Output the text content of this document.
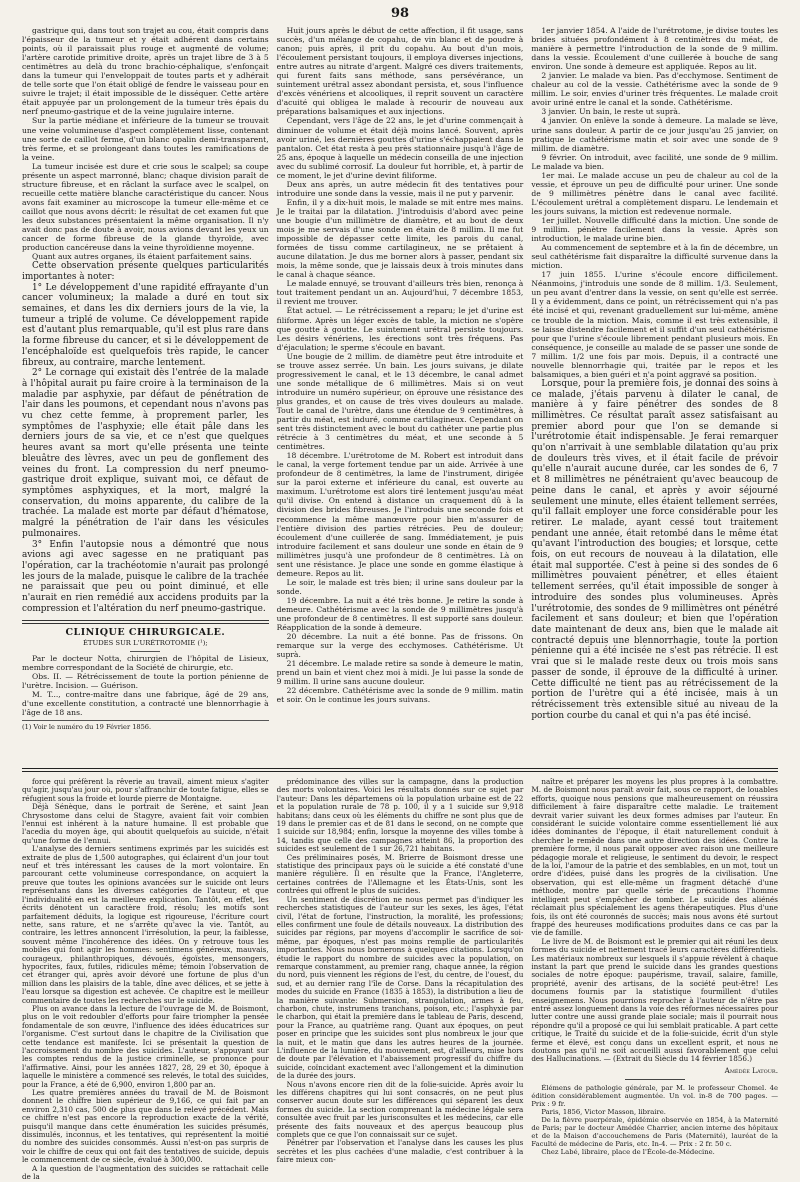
98

gastrique qui, dans tout son trajet au cou, était compris dans l'épaisseur de la tumeur et y était adhérent dans certains points, où il paraissait plus rouge et augmenté de volume; l'artère carotide primitive droite, après un trajet libre de 3 à 5 centimètres au delà du tronc brachio-céphalique, s'enfonçait dans la tumeur qui l'enveloppait de toutes parts et y adhérait de telle sorte que l'on était obligé de fendre le vaisseau pour en suivre le trajet; il était impossible de le disséquer. Cette artère était appuyée par un prolongement de la tumeur très épais du nerf pneumo-gastrique et de la veine jugulaire interne.

Sur la partie médiane et inférieure de la tumeur se trouvait une veine volumineuse d'aspect complètement lisse, contenant une sorte de caillot ferme, d'un blanc opalin demi-transparent, très ferme, et se prolongeant dans toutes les ramifications de la veine.

La tumeur incisée est dure et crie sous le scalpel; sa coupe présente un aspect marronné, blanc; chaque division paraît de structure fibreuse, et en râclant la surface avec le scalpel, on recueille cette matière blanche caractéristique du cancer. Nous avons fait examiner au microscope la tumeur elle-même et ce caillot que nous avons décrit: le résultat de cet examen fut que les deux substances présentaient la même organisation. Il n'y avait donc pas de doute à avoir, nous avions devant les yeux un cancer de forme fibreuse de la glande thyroïde, avec production cancéreuse dans la veine thyroïdienne moyenne.

Quant aux autres organes, ils étaient parfaitement sains.

Cette observation présente quelques particularités importantes à noter:

1° Le développement d'une rapidité effrayante d'un cancer volumineux; la malade a duré en tout six semaines, et dans les dix derniers jours de la vie, la tumeur a triplé de volume. Ce développement rapide est d'autant plus remarquable, qu'il est plus rare dans la forme fibreuse du cancer, et si le développement de l'encéphaloïde est quelquefois très rapide, le cancer fibreux, au contraire, marche lentement.

2° Le cornage qui existait dès l'entrée de la malade à l'hôpital aurait pu faire croire à la terminaison de la maladie par asphyxie, par défaut de pénétration de l'air dans les poumons, et cependant nous n'avons pas vu chez cette femme, à proprement parler, les symptômes de l'asphyxie; elle était pâle dans les derniers jours de sa vie, et ce n'est que quelques heures avant sa mort qu'elle présenta une teinte bleuâtre des lèvres, avec un peu de gonflement des veines du front. La compression du nerf pneumo-gastrique droit explique, suivant moi, ce défaut de symptômes asphyxiques, et la mort, malgré la conservation, du moins apparente, du calibre de la trachée. La malade est morte par défaut d'hématose, malgré la pénétration de l'air dans les vésicules pulmonaires.

3° Enfin l'autopsie nous a démontré que nous avions agi avec sagesse en ne pratiquant pas l'opération, car la trachéotomie n'aurait pas prolongé les jours de la malade, puisque le calibre de la trachée ne paraissait que peu ou point diminué, et elle n'aurait en rien remédié aux accidens produits par la compression et l'altération du nerf pneumo-gastrique.

CLINIQUE CHIRURGICALE.
ÉTUDES SUR L'URÉTROTOMIE (¹);

Par le docteur Notta, chirurgien de l'hôpital de Lisieux, membre correspondant de la Société de chirurgie, etc.

Obs. II. — Rétrécissement de toute la portion pénienne de l'urètre. Incision. — Guérison.

M. T..., contre-maître dans une fabrique, âgé de 29 ans, d'une excellente constitution, a contracté une blennorrhagie à l'âge de 18 ans.

(1) Voir le numéro du 19 Février 1856.

Huit jours après le début de cette affection, il fit usage, sans succès, d'un mélange de copahu, de vin blanc et de poudre à canon; puis après, il prit du copahu. Au bout d'un mois, l'écoulement persistant toujours, il employa diverses injections, entre autres au nitrate d'argent. Malgré ces divers traitements, qui furent faits sans méthode, sans persévérance, un suintement urétral assez abondant persista, et, sous l'influence d'excès vénériens et alcooliques, il reprit souvent un caractère d'acuité qui obligea le malade à recourir de nouveau aux préparations balsamiques et aux injections.

Cependant, vers l'âge de 22 ans, le jet d'urine commençait à diminuer de volume et était déjà moins lancé. Souvent, après avoir uriné, les dernières gouttes d'urine s'échappaient dans le pantalon. Cet état resta à peu près stationnaire jusqu'à l'âge de 25 ans, époque à laquelle un médecin conseilla de une injection avec du sublimé corrosif. La douleur fut horrible, et, à partir de ce moment, le jet d'urine devint filiforme.

Deux ans après, un autre médecin fit des tentatives pour introduire une sonde dans la vessie, mais il ne put y parvenir.

Enfin, il y a dix-huit mois, le malade se mit entre mes mains. Je le traitai par la dilatation. J'introduisis d'abord avec peine une bougie d'un millimètre de diamètre, et au bout de deux mois je me servais d'une sonde en étain de 8 millim. Il me fut impossible de dépasser cette limite, les parois du canal, formées de tissu comme cartilagineux, ne se prêtaient à aucune dilatation. Je dus me borner alors à passer, pendant six mois, la même sonde, que je laissais deux à trois minutes dans le canal à chaque séance.

Le malade ennuyé, se trouvant d'ailleurs très bien, renonça à tout traitement pendant un an. Aujourd'hui, 7 décembre 1853, il revient me trouver.

État actuel. — Le rétrécissement a reparu; le jet d'urine est filiforme. Après un léger excès de table, la miction ne s'opère que goutte à goutte. Le suintement urétral persiste toujours. Les désirs vénériens, les érections sont très fréquens. Pas d'éjaculation; le sperme s'écoule en bavant.

Une bougie de 2 millim. de diamètre peut être introduite et se trouve assez serrée. Un bain. Les jours suivans, je dilate progressivement le canal, et le 13 décembre, le canal admet une sonde métallique de 6 millimètres. Mais si on veut introduire un numéro supérieur, on éprouve une résistance des plus grandes, et on cause de très vives douleurs au malade. Tout le canal de l'urètre, dans une étendue de 9 centimètres, à partir du méat, est induré, comme cartilagineux. Cependant on sent très distinctement avec le bout du cathéter une partie plus rétrécie à 3 centimètres du méat, et une seconde à 5 centimètres.

18 décembre. L'urétrotome de M. Robert est introduit dans le canal, la verge fortement tendue par un aide. Arrivée à une profondeur de 8 centimètres, la lame de l'instrument, dirigée sur la paroi externe et inférieure du canal, est ouverte au maximum. L'urétrotome est alors tiré lentement jusqu'au méat qu'il divise. On entend à distance un craquement dû à la division des brides fibreuses. Je l'introduis une seconde fois et recommence la même manœuvre pour bien m'assurer de l'entière division des parties rétrécies. Peu de douleur; écoulement d'une cuillerée de sang. Immédiatement, je puis introduire facilement et sans douleur une sonde en étain de 9 millimètres jusqu'à une profondeur de 8 centimètres. Là on sent une résistance. Je place une sonde en gomme élastique à demeure. Repos au lit.

Le soir, le malade est très bien; il urine sans douleur par la sonde.

19 décembre. La nuit a été très bonne. Je retire la sonde à demeure. Cathétérisme avec la sonde de 9 millimètres jusqu'à une profondeur de 8 centimètres. Il est supporté sans douleur. Réapplication de la sonde à demeure.

20 décembre. La nuit a été bonne. Pas de frissons. On remarque sur la verge des ecchymoses. Cathétérisme. Ut suprà.

21 décembre. Le malade retire sa sonde à demeure le matin, prend un bain et vient chez moi à midi. Je lui passe la sonde de 9 millim. Il urine sans aucune douleur.

22 décembre. Cathétérisme avec la sonde de 9 millim. matin et soir. On le continue les jours suivans.

1er janvier 1854. A l'aide de l'urétrotome, je divise toutes les brides situées profondément à 8 centimètres du méat, de manière à permettre l'introduction de la sonde de 9 millim. dans la vessie. Écoulement d'une cuillerée à bouche de sang environ. Une sonde à demeure est appliquée. Repos au lit.

2 janvier. Le malade va bien. Pas d'ecchymose. Sentiment de chaleur au col de la vessie. Cathétérisme avec la sonde de 9 millim. Le soir, envies d'uriner très fréquentes. Le malade croit avoir uriné entre le canal et la sonde. Cathétérisme.

3 janvier. Un bain, le reste ut suprà.

4 janvier. On enlève la sonde à demeure. La malade se lève, urine sans douleur. A partir de ce jour jusqu'au 25 janvier, on pratique le cathétérisme matin et soir avec une sonde de 9 millim. de diamètre.

9 février. On introduit, avec facilité, une sonde de 9 millim. Le malade va bien.

1er mai. Le malade accuse un peu de chaleur au col de la vessie, et éprouve un peu de difficulté pour uriner. Une sonde de 9 millimètres pénètre dans le canal avec facilité. L'écoulement urétral a complètement disparu. Le lendemain et les jours suivans, la miction est redevenue normale.

1er juillet. Nouvelle difficulté dans la miction. Une sonde de 9 millim. pénètre facilement dans la vessie. Après son introduction, le malade urine bien.

Au commencement de septembre et à la fin de décembre, un seul cathétérisme fait disparaître la difficulté survenue dans la miction.

17 juin 1855. L'urine s'écoule encore difficilement. Néanmoins, j'introduis une sonde de 8 millim. 1/3. Seulement, un peu avant d'entrer dans la vessie, on sent qu'elle est serrée. Il y a évidemment, dans ce point, un rétrécissement qui n'a pas été incisé et qui, revenant graduellement sur lui-même, amène ce trouble de la miction. Mais, comme il est très extensible, il se laisse distendre facilement et il suffit d'un seul cathétérisme pour que l'urine s'écoule librement pendant plusieurs mois. En conséquence, je conseille au malade de se passer une sonde de 7 millim. 1/2 une fois par mois. Depuis, il a contracté une nouvelle blennorrhagie qui, traitée par le repos et les balsamiques, a bien guéri et n'a point aggravé sa position.

Lorsque, pour la première fois, je donnai des soins à ce malade, j'étais parvenu à dilater le canal, de manière à y faire pénétrer des sondes de 8 millimètres. Ce résultat paraît assez satisfaisant au premier abord pour que l'on se demande si l'urétrotomie était indispensable. Je ferai remarquer qu'on n'arrivait à une semblable dilatation qu'au prix de douleurs très vives, et il était facile de prévoir qu'elle n'aurait aucune durée, car les sondes de 6, 7 et 8 millimètres ne pénétraient qu'avec beaucoup de peine dans le canal, et après y avoir séjourné seulement une minute, elles étaient tellement serrées, qu'il fallait employer une force considérable pour les retirer. Le malade, ayant cessé tout traitement pendant une année, était retombé dans le même état qu'avant l'introduction des bougies; et lorsque, cette fois, on eut recours de nouveau à la dilatation, elle était mal supportée. C'est à peine si des sondes de 6 millimètres pouvaient pénétrer, et elles étaient tellement serrées, qu'il était impossible de songer à introduire des sondes plus volumineuses. Après l'urétrotomie, des sondes de 9 millimètres ont pénétré facilement et sans douleur; et bien que l'opération date maintenant de deux ans, bien que le malade ait contracté depuis une blennorrhagie, toute la portion pénienne qui a été incisée ne s'est pas rétrécie. Il est vrai que si le malade reste deux ou trois mois sans passer de sonde, il éprouve de la difficulté à uriner. Cette difficulté ne tient pas au rétrécissement de la portion de l'urètre qui a été incisée, mais à un rétrécissement très extensible situé au niveau de la portion courbe du canal et qui n'a pas été incisé.

force qui préfèrent la rêverie au travail, aiment mieux s'agiter qu'agir, jusqu'au jour où, pour s'affranchir de toute fatigue, elles se réfugient sous la froide et lourde pierre de Montaigne.

Déjà Sénèque, dans le portrait de Serène, et saint Jean Chrysostome dans celui de Stagyre, avaient fait voir combien l'ennui est inhérent à la nature humaine. Il est probable que l'acedia du moyen âge, qui aboutit quelquefois au suicide, n'était qu'une forme de l'ennui.

L'analyse des derniers sentimens exprimés par les suicidés est extraite de plus de 1,500 autographes, qui éclairent d'un jour tout neuf et très intéressant les causes de la mort volontaire. En parcourant cette volumineuse correspondance, on acquiert la preuve que toutes les opinions avancées sur le suicide ont leurs représentans dans les diverses catégories de l'auteur, et que l'individualité en est la meilleure explication. Tantôt, en effet, les écrits dénotent un caractère froid, résolu; les motifs sont parfaitement déduits, la logique est rigoureuse, l'écriture court nette, sans rature, et ne s'arrête qu'avec la vie. Tantôt, au contraire, les lettres annoncent l'irrésolution, la peur, la faiblesse, souvent même l'incohérence des idées. On y retrouve tous les mobiles qui font agir les hommes: sentimens généreux, mauvais, courageux, philanthropiques, dévoués, égoïstes, mensongers, hypocrites, faux, futiles, ridicules même; témoin l'observation de cet étranger qui, après avoir dévoré une fortune de plus d'un million dans les plaisirs de la table, dîne avec délices, et se jette à l'eau lorsque sa digestion est achevée. Ce chapitre est le meilleur commentaire de toutes les recherches sur le suicide.

Plus on avance dans la lecture de l'ouvrage de M. de Boismont, plus on le voit redoubler d'efforts pour faire triompher la pensée fondamentale de son œuvre, l'influence des idées éducatrices sur l'organisme. C'est surtout dans le chapitre de la Civilisation que cette tendance est manifeste. Ici se présentait la question de l'accroissement du nombre des suicides. L'auteur, s'appuyant sur les comptes rendus de la justice criminelle, se prononce pour l'affirmative. Ainsi, pour les années 1827, 28, 29 et 30, époque à laquelle le ministère a commencé ses relevés, le total des suicides, pour la France, a été de 6,900, environ 1,800 par an.

Les quatre premières années du travail de M. de Boismont donnent le chiffre bien supérieur de 9,166, ce qui fait par an environ 2,310 cas, 500 de plus que dans le relevé précédent. Mais ce chiffre n'est pas encore la reproduction exacte de la vérité, puisqu'il manque dans cette énumération les suicides présumés, dissimulés, inconnus, et les tentatives, qui représentent la moitié du nombre des suicides consommés. Aussi n'est-on pas surpris de voir le chiffre de ceux qui ont fait des tentatives de suicide, depuis le commencement de ce siècle, évalué à 300,000.

A la question de l'augmentation des suicides se rattachait celle de la

prédominance des villes sur la campagne, dans la production des morts volontaires. Voici les résultats donnés sur ce sujet par l'auteur: Dans les départemens où la population urbaine est de 22 et la population rurale de 78 p. 100, il y a 1 suicide sur 9,918 habitans; dans ceux où les éléments du chiffre ne sont plus que de 19 dans le premier cas et de 81 dans le second, on ne compte que 1 suicide sur 18,984; enfin, lorsque la moyenne des villes tombe à 14, tandis que celle des campagnes atteint 86, la proportion des suicides est seulement de 1 sur 26,721 habitans.

Ces préliminaires posés, M. Brierre de Boismont dresse une statistique des principaux pays où le suicide a été constaté d'une manière régulière. Il en résulte que la France, l'Angleterre, certaines contrées de l'Allemagne et les États-Unis, sont les contrées qui offrent le plus de suicides.

Un sentiment de discrétion ne nous permet pas d'indiquer les recherches statistiques de l'auteur sur les sexes, les âges, l'état civil, l'état de fortune, l'instruction, la moralité, les professions; elles confirment une foule de détails nouveaux. La distribution des suicides par régions, par moyens d'accomplir le sacrifice de soi-même, par époques, n'est pas moins remplie de particularités importantes. Nous nous bornerons à quelques citations. Lorsqu'on étudie le rapport du nombre de suicides avec la population, on remarque constamment, au premier rang, chaque année, la région du nord, puis viennent les régions de l'est, du centre, de l'ouest, du sud, et au dernier rang l'île de Corse. Dans la récapitulation des modes du suicide en France (1835 à 1853), la distribution a lieu de la manière suivante: Submersion, strangulation, armes à feu, charbon, chute, instrumens tranchans, poison, etc.; l'asphyxie par le charbon, qui était la première dans le tableau de Paris, descend, pour la France, au quatrième rang. Quant aux époques, on peut poser en principe que les suicides sont plus nombreux le jour que la nuit, et le matin que dans les autres heures de la journée. L'influence de la lumière, du mouvement, est, d'ailleurs, mise hors de doute par l'élévation et l'abaissement progressif du chiffre du suicide, coïncidant exactement avec l'allongement et la diminution de la durée des jours.

Nous n'avons encore rien dit de la folie-suicide. Après avoir lu les différens chapitres qui lui sont consacrés, on ne peut plus conserver aucun doute sur les différences qui séparent les deux formes du suicide. La section comprenant la médecine légale sera consultée avec fruit par les jurisconsultes et les médecins, car elle présente des faits nouveaux et des aperçus beaucoup plus complets que ce que l'on connaissait sur ce sujet.

Pénétrer par l'observation et l'analyse dans les causes les plus secrètes et les plus cachées d'une maladie, c'est contribuer à la faire mieux con-

naître et préparer les moyens les plus propres à la combattre. M. de Boismont nous paraît avoir fait, sous ce rapport, de louables efforts, quoique nous pensions que malheureusement on réussira difficilement à faire disparaître cette maladie. Le traitement devrait varier suivant les deux formes admises par l'auteur. En considérant le suicide volontaire comme essentiellement lié aux idées dominantes de l'époque, il était naturellement conduit à chercher le remède dans une autre direction des idées. Contre la première forme, il nous paraît opposer avec raison une meilleure pédagogie morale et religieuse, le sentiment du devoir, le respect de la loi, l'amour de la patrie et des semblables, en un mot, tout un ordre d'idées, puisé dans les progrès de la civilisation. Une observation, qui est elle-même un fragment détaché d'une méthode, montre par quelle série de précautions l'homme intelligent peut s'empêcher de tomber. Le suicide des aliénés réclamait plus spécialement les agens thérapeutiques. Plus d'une fois, ils ont été couronnés de succès; mais nous avons été surtout frappé des heureuses modifications produites dans ce cas par la vie de famille.

Le livre de M. de Boismont est le premier qui ait réuni les deux formes du suicide et nettement tracé leurs caractères différentiels. Les matériaux nombreux sur lesquels il s'appuie révèlent à chaque instant la part que prend le suicide dans les grandes questions sociales de notre époque: paupérisme, travail, salaire, famille, propriété, avenir des artisans, de la société peut-être! Les documens fournis par la statistique fourmillent d'utiles enseignemens. Nous pourrions reprocher à l'auteur de n'être pas entré assez longuement dans la voie des réformes nécessaires pour lutter contre une aussi grande plaie sociale; mais il pourrait nous répondre qu'il a proposé ce qui lui semblait praticable. A part cette critique, le Traité du suicide et de la folie-suicide, écrit d'un style ferme et élevé, est conçu dans un excellent esprit, et nous ne doutons pas qu'il ne soit accueilli aussi favorablement que celui des Hallucinations. — (Extrait du Siècle du 14 février 1856.)

Amédée Latour.

Élémens de pathologie générale, par M. le professeur Chomel. 4e édition considérablement augmentée. Un vol. in-8 de 700 pages. — Prix : 9 fr.

Paris, 1856, Victor Masson, libraire.

De la fièvre puerpérale, épidémie observée en 1854, à la Maternité de Paris; par le docteur Amédée Charrier, ancien interne des hôpitaux et de la Maison d'accouchemens de Paris (Maternité), lauréat de la Faculté de médecine de Paris, etc. In-4. — Prix : 2 fr. 50 c.

Chez Labé, libraire, place de l'École-de-Médecine.
